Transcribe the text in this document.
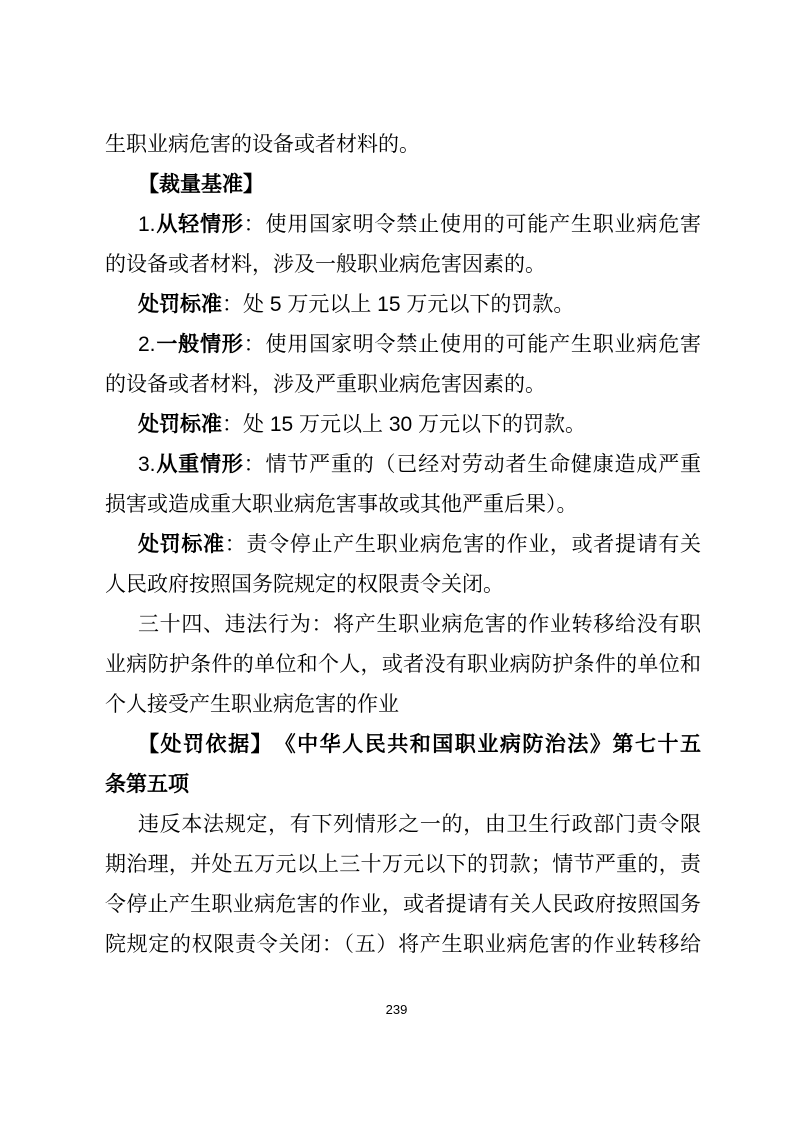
生职业病危害的设备或者材料的。
【裁量基准】
1.从轻情形：使用国家明令禁止使用的可能产生职业病危害
的设备或者材料，涉及一般职业病危害因素的。
处罚标准：处 5 万元以上 15 万元以下的罚款。
2.一般情形：使用国家明令禁止使用的可能产生职业病危害
的设备或者材料，涉及严重职业病危害因素的。
处罚标准：处 15 万元以上 30 万元以下的罚款。
3.从重情形：情节严重的（已经对劳动者生命健康造成严重
损害或造成重大职业病危害事故或其他严重后果）。
处罚标准：责令停止产生职业病危害的作业，或者提请有关
人民政府按照国务院规定的权限责令关闭。
三十四、违法行为：将产生职业病危害的作业转移给没有职
业病防护条件的单位和个人，或者没有职业病防护条件的单位和
个人接受产生职业病危害的作业
【处罚依据】　《中华人民共和国职业病防治法》第七十五
条第五项
违反本法规定，有下列情形之一的，由卫生行政部门责令限
期治理，并处五万元以上三十万元以下的罚款；情节严重的，责
令停止产生职业病危害的作业，或者提请有关人民政府按照国务
院规定的权限责令关闭：（五）将产生职业病危害的作业转移给
239
